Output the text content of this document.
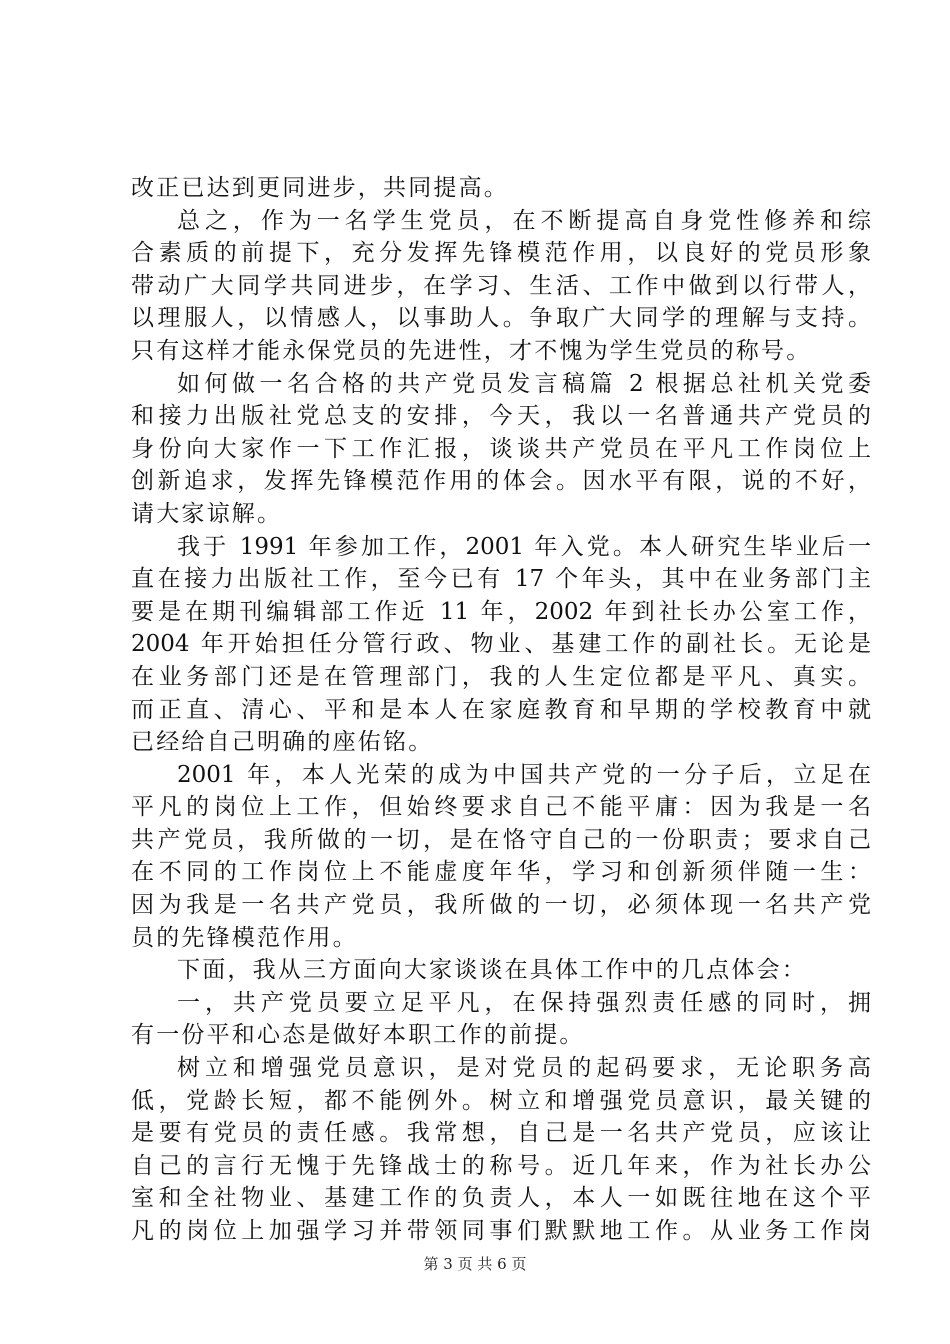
改正已达到更同进步，共同提高。
总之，作为一名学生党员，在不断提高自身党性修养和综
合素质的前提下，充分发挥先锋模范作用，以良好的党员形象
带动广大同学共同进步，在学习、生活、工作中做到以行带人，
以理服人，以情感人，以事助人。争取广大同学的理解与支持。
只有这样才能永保党员的先进性，才不愧为学生党员的称号。
如何做一名合格的共产党员发言稿篇 2 根据总社机关党委
和接力出版社党总支的安排，今天，我以一名普通共产党员的
身份向大家作一下工作汇报，谈谈共产党员在平凡工作岗位上
创新追求，发挥先锋模范作用的体会。因水平有限，说的不好，
请大家谅解。
我于 1991 年参加工作，2001 年入党。本人研究生毕业后一
直在接力出版社工作，至今已有 17 个年头，其中在业务部门主
要是在期刊编辑部工作近 11 年，2002 年到社长办公室工作，
2004 年开始担任分管行政、物业、基建工作的副社长。无论是
在业务部门还是在管理部门，我的人生定位都是平凡、真实。
而正直、清心、平和是本人在家庭教育和早期的学校教育中就
已经给自己明确的座佑铭。
2001 年，本人光荣的成为中国共产党的一分子后，立足在
平凡的岗位上工作，但始终要求自己不能平庸：因为我是一名
共产党员，我所做的一切，是在恪守自己的一份职责；要求自己
在不同的工作岗位上不能虚度年华，学习和创新须伴随一生：
因为我是一名共产党员，我所做的一切，必须体现一名共产党
员的先锋模范作用。
下面，我从三方面向大家谈谈在具体工作中的几点体会：
一，共产党员要立足平凡，在保持强烈责任感的同时，拥
有一份平和心态是做好本职工作的前提。
树立和增强党员意识，是对党员的起码要求，无论职务高
低，党龄长短，都不能例外。树立和增强党员意识，最关键的
是要有党员的责任感。我常想，自己是一名共产党员，应该让
自己的言行无愧于先锋战士的称号。近几年来，作为社长办公
室和全社物业、基建工作的负责人，本人一如既往地在这个平
凡的岗位上加强学习并带领同事们默默地工作。从业务工作岗
第 3 页 共 6 页
